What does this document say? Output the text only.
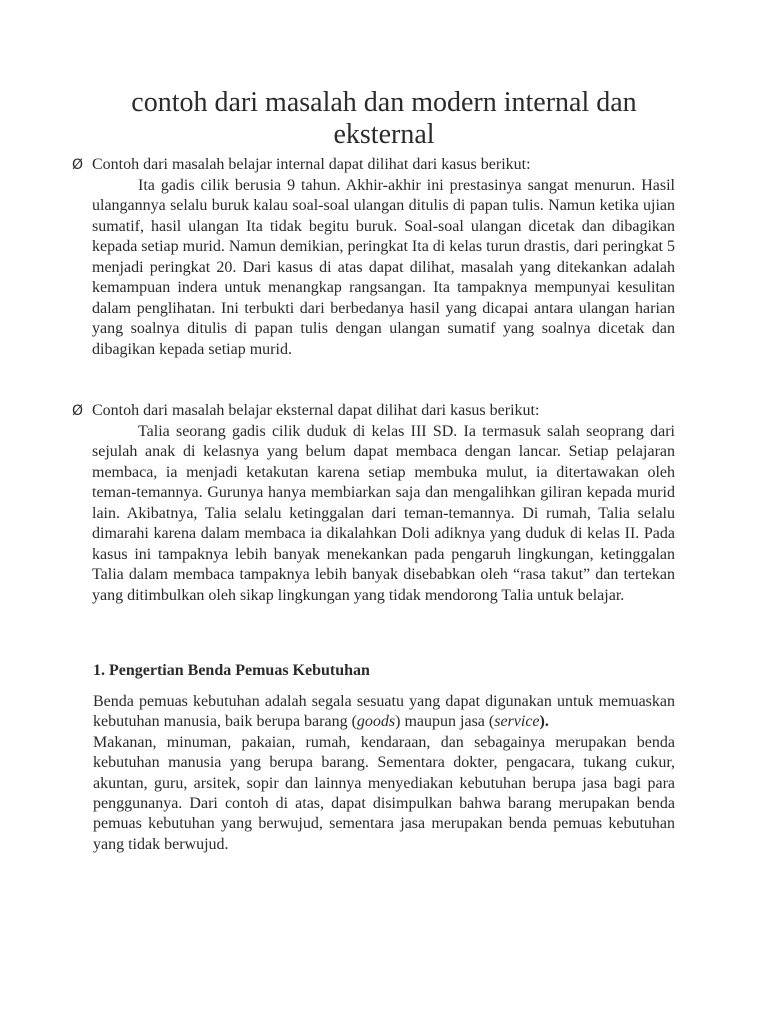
contoh dari masalah dan modern internal dan eksternal
Ø Contoh dari masalah belajar internal dapat dilihat dari kasus berikut:

Ita gadis cilik berusia 9 tahun. Akhir-akhir ini prestasinya sangat menurun. Hasil ulangannya selalu buruk kalau soal-soal ulangan ditulis di papan tulis. Namun ketika ujian sumatif, hasil ulangan Ita tidak begitu buruk. Soal-soal ulangan dicetak dan dibagikan kepada setiap murid. Namun demikian, peringkat Ita di kelas turun drastis, dari peringkat 5 menjadi peringkat 20. Dari kasus di atas dapat dilihat, masalah yang ditekankan adalah kemampuan indera untuk menangkap rangsangan. Ita tampaknya mempunyai kesulitan dalam penglihatan. Ini terbukti dari berbedanya hasil yang dicapai antara ulangan harian yang soalnya ditulis di papan tulis dengan ulangan sumatif yang soalnya dicetak dan dibagikan kepada setiap murid.

Ø Contoh dari masalah belajar eksternal dapat dilihat dari kasus berikut:

Talia seorang gadis cilik duduk di kelas III SD. Ia termasuk salah seoprang dari sejulah anak di kelasnya yang belum dapat membaca dengan lancar. Setiap pelajaran membaca, ia menjadi ketakutan karena setiap membuka mulut, ia ditertawakan oleh teman-temannya. Gurunya hanya membiarkan saja dan mengalihkan giliran kepada murid lain. Akibatnya, Talia selalu ketinggalan dari teman-temannya. Di rumah, Talia selalu dimarahi karena dalam membaca ia dikalahkan Doli adiknya yang duduk di kelas II. Pada kasus ini tampaknya lebih banyak menekankan pada pengaruh lingkungan, ketinggalan Talia dalam membaca tampaknya lebih banyak disebabkan oleh “rasa takut” dan tertekan yang ditimbulkan oleh sikap lingkungan yang tidak mendorong Talia untuk belajar.

1. Pengertian Benda Pemuas Kebutuhan

Benda pemuas kebutuhan adalah segala sesuatu yang dapat digunakan untuk memuaskan kebutuhan manusia, baik berupa barang (goods) maupun jasa (service).

Makanan, minuman, pakaian, rumah, kendaraan, dan sebagainya merupakan benda kebutuhan manusia yang berupa barang. Sementara dokter, pengacara, tukang cukur, akuntan, guru, arsitek, sopir dan lainnya menyediakan kebutuhan berupa jasa bagi para penggunanya. Dari contoh di atas, dapat disimpulkan bahwa barang merupakan benda pemuas kebutuhan yang berwujud, sementara jasa merupakan benda pemuas kebutuhan yang tidak berwujud.
